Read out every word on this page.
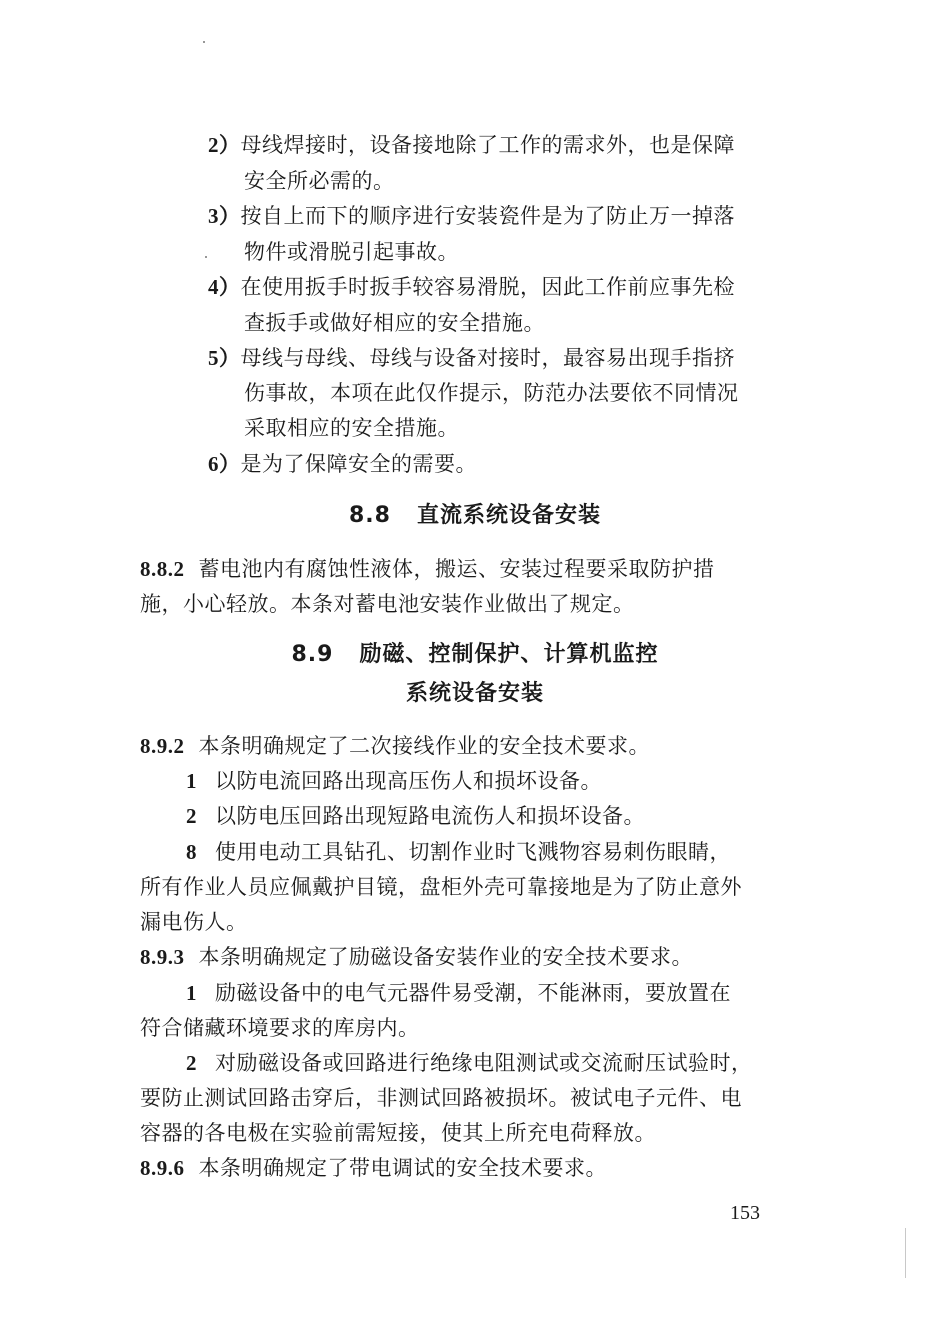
2）母线焊接时，设备接地除了工作的需求外，也是保障
安全所必需的。
3）按自上而下的顺序进行安装瓷件是为了防止万一掉落
物件或滑脱引起事故。
4）在使用扳手时扳手较容易滑脱，因此工作前应事先检
查扳手或做好相应的安全措施。
5）母线与母线、母线与设备对接时，最容易出现手指挤
伤事故，本项在此仅作提示，防范办法要依不同情况
采取相应的安全措施。
6）是为了保障安全的需要。
8.8 直流系统设备安装
8.8.2 蓄电池内有腐蚀性液体，搬运、安装过程要采取防护措
施，小心轻放。本条对蓄电池安装作业做出了规定。
8.9 励磁、控制保护、计算机监控
系统设备安装
8.9.2 本条明确规定了二次接线作业的安全技术要求。
1 以防电流回路出现高压伤人和损坏设备。
2 以防电压回路出现短路电流伤人和损坏设备。
8 使用电动工具钻孔、切割作业时飞溅物容易刺伤眼睛，
所有作业人员应佩戴护目镜，盘柜外壳可靠接地是为了防止意外
漏电伤人。
8.9.3 本条明确规定了励磁设备安装作业的安全技术要求。
1 励磁设备中的电气元器件易受潮，不能淋雨，要放置在
符合储藏环境要求的库房内。
2 对励磁设备或回路进行绝缘电阻测试或交流耐压试验时，
要防止测试回路击穿后，非测试回路被损坏。被试电子元件、电
容器的各电极在实验前需短接，使其上所充电荷释放。
8.9.6 本条明确规定了带电调试的安全技术要求。
153
